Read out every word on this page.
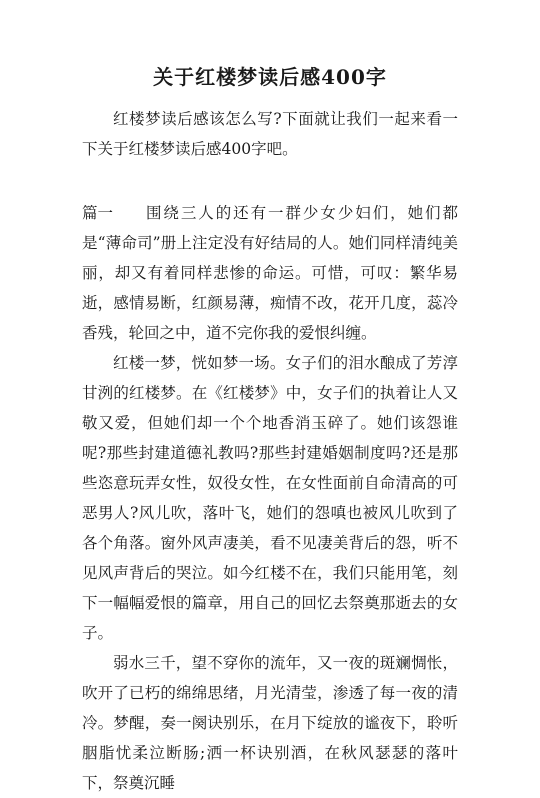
关于红楼梦读后感400字

红楼梦读后感该怎么写?下面就让我们一起来看一下关于红楼梦读后感400字吧。

篇一 围绕三人的还有一群少女少妇们，她们都是“薄命司”册上注定没有好结局的人。她们同样清纯美丽，却又有着同样悲惨的命运。可惜，可叹：繁华易逝，感情易断，红颜易薄，痴情不改，花开几度，蕊冷香残，轮回之中，道不完你我的爱恨纠缠。

红楼一梦，恍如梦一场。女子们的泪水酿成了芳淳甘洌的红楼梦。在《红楼梦》中，女子们的执着让人又敬又爱，但她们却一个个地香消玉碎了。她们该怨谁呢?那些封建道德礼教吗?那些封建婚姻制度吗?还是那些恣意玩弄女性，奴役女性，在女性面前自命清高的可恶男人?风儿吹，落叶飞，她们的怨嗔也被风儿吹到了各个角落。窗外风声凄美，看不见凄美背后的怨，听不见风声背后的哭泣。如今红楼不在，我们只能用笔，刻下一幅幅爱恨的篇章，用自己的回忆去祭奠那逝去的女子。

弱水三千，望不穿你的流年，又一夜的斑斓惆怅，吹开了已朽的绵绵思绪，月光清莹，渗透了每一夜的清冷。梦醒，奏一阕诀别乐，在月下绽放的谧夜下，聆听胭脂忧柔泣断肠;洒一杯诀别酒，在秋风瑟瑟的落叶下，祭奠沉睡
